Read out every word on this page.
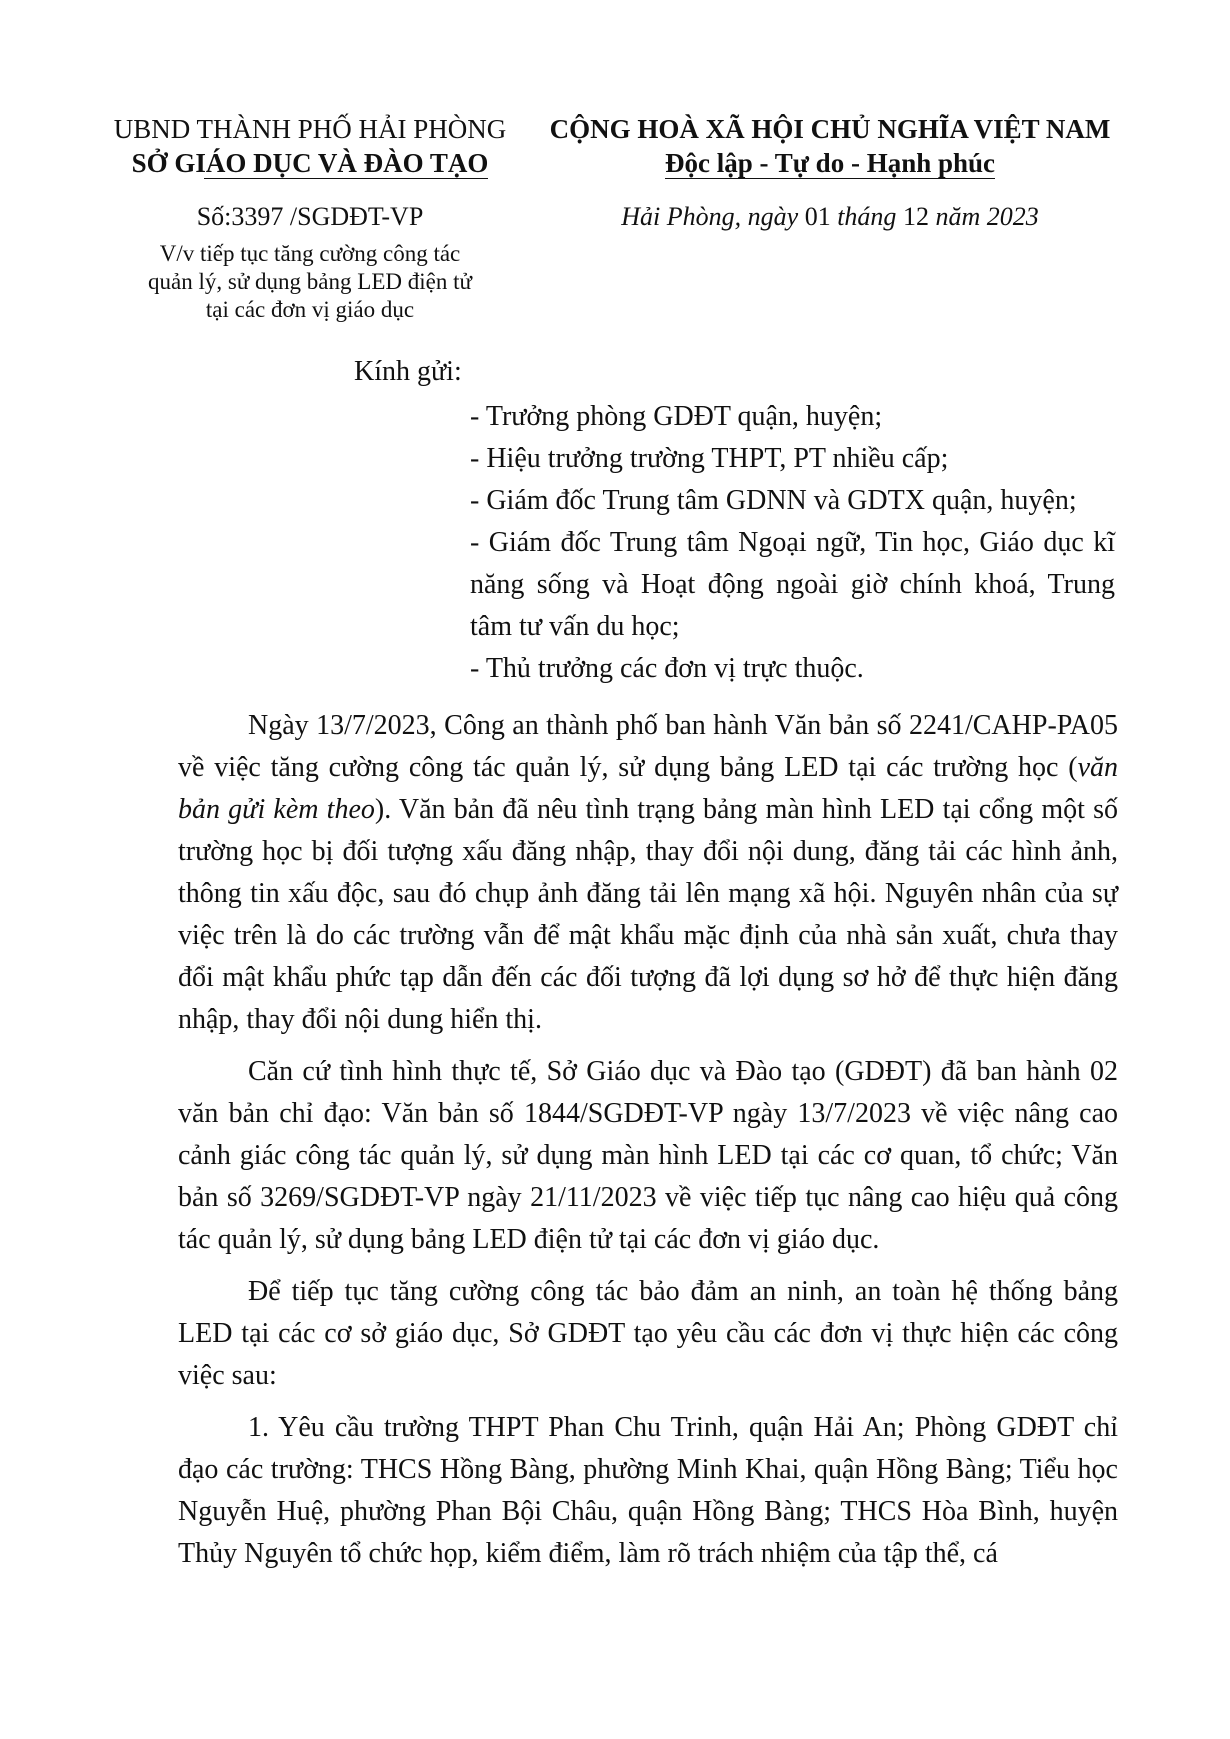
UBND THÀNH PHỐ HẢI PHÒNG
SỞ GIÁO DỤC VÀ ĐÀO TẠO
CỘNG HOÀ XÃ HỘI CHỦ NGHĨA VIỆT NAM
Độc lập - Tự do - Hạnh phúc
Số:3397 /SGDĐT-VP	Hải Phòng, ngày 01 tháng 12 năm 2023
V/v tiếp tục tăng cường công tác
quản lý, sử dụng bảng LED điện tử
tại các đơn vị giáo dục
Kính gửi:
- Trưởng phòng GDĐT quận, huyện;
- Hiệu trưởng trường THPT, PT nhiều cấp;
- Giám đốc Trung tâm GDNN và GDTX quận, huyện;
- Giám đốc Trung tâm Ngoại ngữ, Tin học, Giáo dục kĩ năng sống và Hoạt động ngoài giờ chính khoá, Trung tâm tư vấn du học;
- Thủ trưởng các đơn vị trực thuộc.

Ngày 13/7/2023, Công an thành phố ban hành Văn bản số 2241/CAHP-PA05 về việc tăng cường công tác quản lý, sử dụng bảng LED tại các trường học (văn bản gửi kèm theo). Văn bản đã nêu tình trạng bảng màn hình LED tại cổng một số trường học bị đối tượng xấu đăng nhập, thay đổi nội dung, đăng tải các hình ảnh, thông tin xấu độc, sau đó chụp ảnh đăng tải lên mạng xã hội. Nguyên nhân của sự việc trên là do các trường vẫn để mật khẩu mặc định của nhà sản xuất, chưa thay đổi mật khẩu phức tạp dẫn đến các đối tượng đã lợi dụng sơ hở để thực hiện đăng nhập, thay đổi nội dung hiển thị.

Căn cứ tình hình thực tế, Sở Giáo dục và Đào tạo (GDĐT) đã ban hành 02 văn bản chỉ đạo: Văn bản số 1844/SGDĐT-VP ngày 13/7/2023 về việc nâng cao cảnh giác công tác quản lý, sử dụng màn hình LED tại các cơ quan, tổ chức; Văn bản số 3269/SGDĐT-VP ngày 21/11/2023 về việc tiếp tục nâng cao hiệu quả công tác quản lý, sử dụng bảng LED điện tử tại các đơn vị giáo dục.

Để tiếp tục tăng cường công tác bảo đảm an ninh, an toàn hệ thống bảng LED tại các cơ sở giáo dục, Sở GDĐT tạo yêu cầu các đơn vị thực hiện các công việc sau:

1. Yêu cầu trường THPT Phan Chu Trinh, quận Hải An; Phòng GDĐT chỉ đạo các trường: THCS Hồng Bàng, phường Minh Khai, quận Hồng Bàng; Tiểu học Nguyễn Huệ, phường Phan Bội Châu, quận Hồng Bàng; THCS Hòa Bình, huyện Thủy Nguyên tổ chức họp, kiểm điểm, làm rõ trách nhiệm của tập thể, cá
